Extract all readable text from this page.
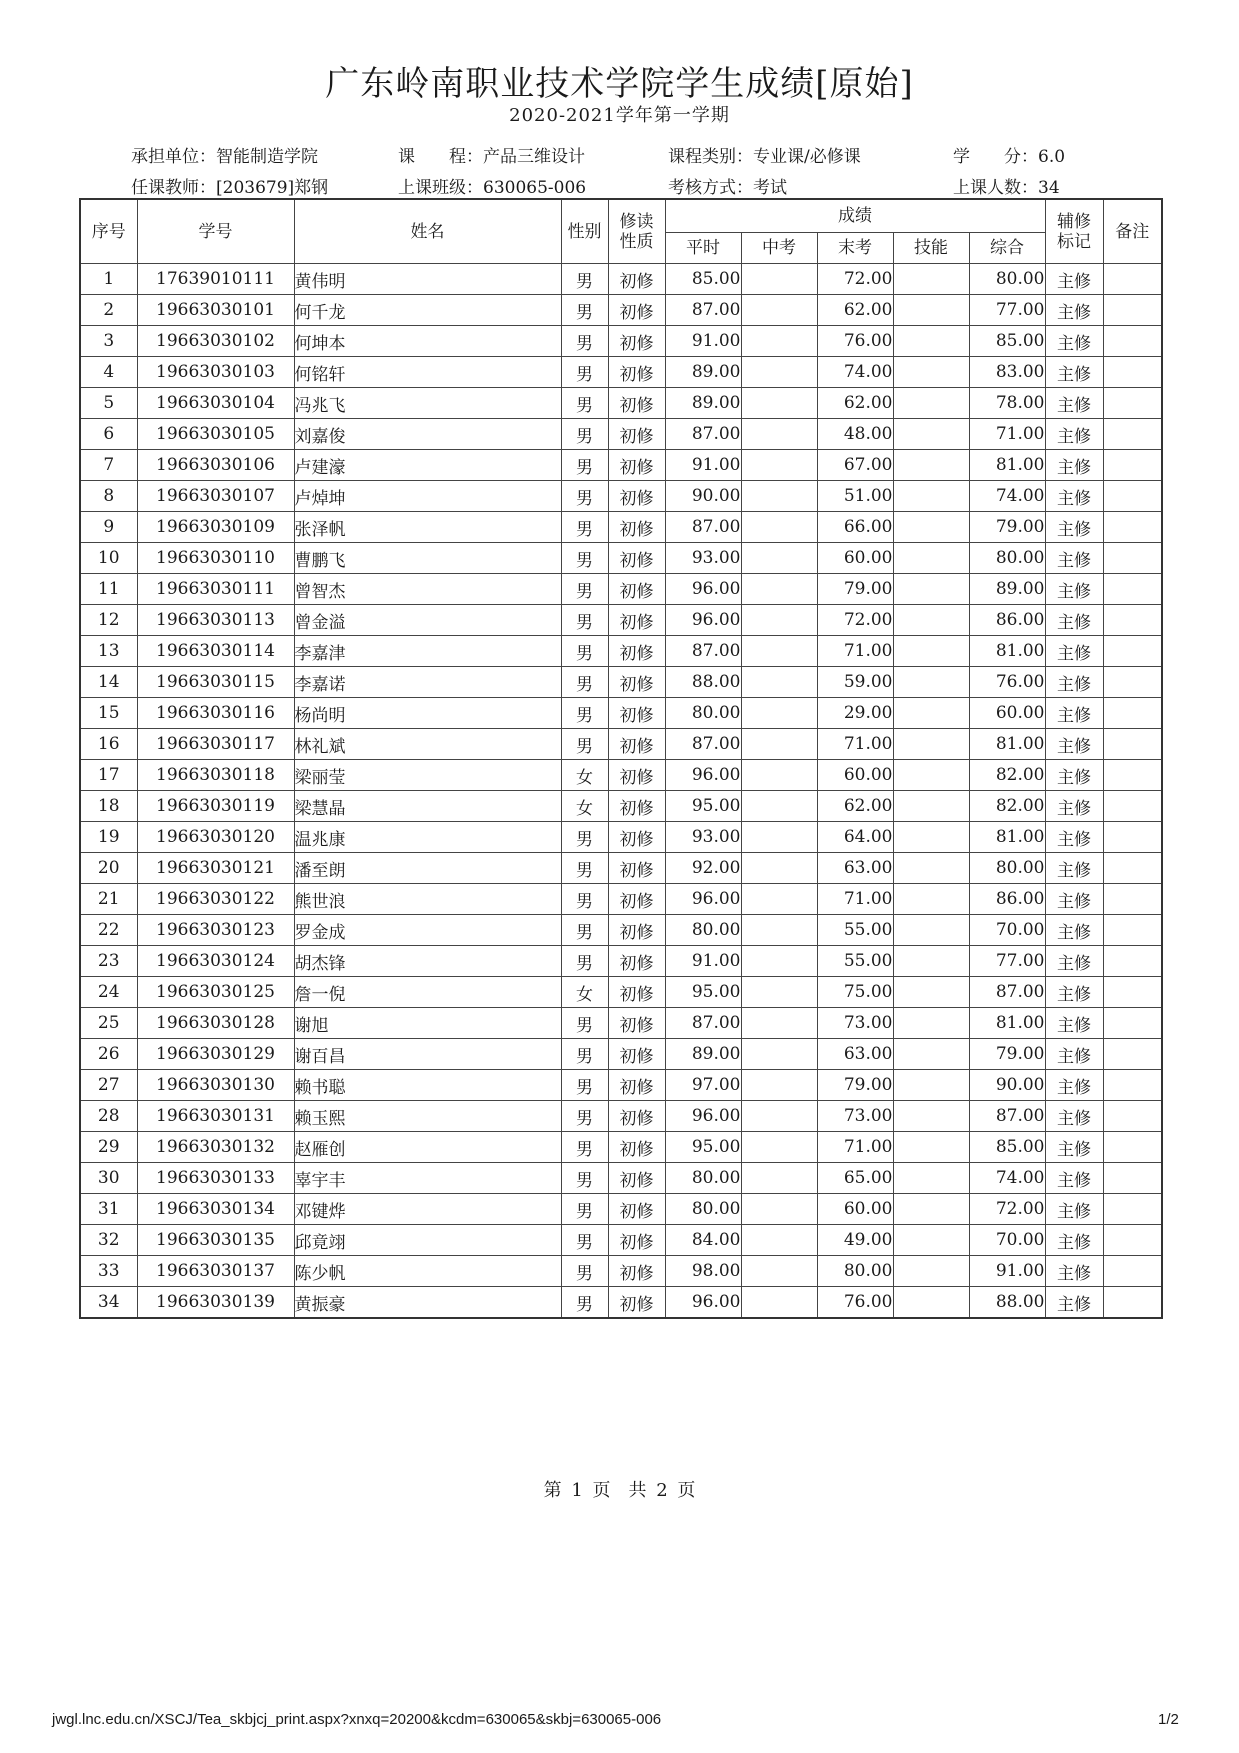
广东岭南职业技术学院学生成绩[原始]
2020-2021学年第一学期
承担单位：智能制造学院	课　　程：产品三维设计	课程类别：专业课/必修课	学　　分：6.0
任课教师：[203679]郑钢	上课班级：630065-006	考核方式：考试	上课人数：34
序号	学号	姓名	性别	修读
性质	成绩					辅修
标记	备注
					平时	中考	末考	技能	综合		
1	17639010111	黄伟明	男	初修	85.00		72.00		80.00	主修	
2	19663030101	何千龙	男	初修	87.00		62.00		77.00	主修	
3	19663030102	何坤本	男	初修	91.00		76.00		85.00	主修	
4	19663030103	何铭轩	男	初修	89.00		74.00		83.00	主修	
5	19663030104	冯兆飞	男	初修	89.00		62.00		78.00	主修	
6	19663030105	刘嘉俊	男	初修	87.00		48.00		71.00	主修	
7	19663030106	卢建濠	男	初修	91.00		67.00		81.00	主修	
8	19663030107	卢焯坤	男	初修	90.00		51.00		74.00	主修	
9	19663030109	张泽帆	男	初修	87.00		66.00		79.00	主修	
10	19663030110	曹鹏飞	男	初修	93.00		60.00		80.00	主修	
11	19663030111	曾智杰	男	初修	96.00		79.00		89.00	主修	
12	19663030113	曾金溢	男	初修	96.00		72.00		86.00	主修	
13	19663030114	李嘉津	男	初修	87.00		71.00		81.00	主修	
14	19663030115	李嘉诺	男	初修	88.00		59.00		76.00	主修	
15	19663030116	杨尚明	男	初修	80.00		29.00		60.00	主修	
16	19663030117	林礼斌	男	初修	87.00		71.00		81.00	主修	
17	19663030118	梁丽莹	女	初修	96.00		60.00		82.00	主修	
18	19663030119	梁慧晶	女	初修	95.00		62.00		82.00	主修	
19	19663030120	温兆康	男	初修	93.00		64.00		81.00	主修	
20	19663030121	潘至朗	男	初修	92.00		63.00		80.00	主修	
21	19663030122	熊世浪	男	初修	96.00		71.00		86.00	主修	
22	19663030123	罗金成	男	初修	80.00		55.00		70.00	主修	
23	19663030124	胡杰锋	男	初修	91.00		55.00		77.00	主修	
24	19663030125	詹一倪	女	初修	95.00		75.00		87.00	主修	
25	19663030128	谢旭	男	初修	87.00		73.00		81.00	主修	
26	19663030129	谢百昌	男	初修	89.00		63.00		79.00	主修	
27	19663030130	赖书聪	男	初修	97.00		79.00		90.00	主修	
28	19663030131	赖玉熙	男	初修	96.00		73.00		87.00	主修	
29	19663030132	赵雁创	男	初修	95.00		71.00		85.00	主修	
30	19663030133	辜宇丰	男	初修	80.00		65.00		74.00	主修	
31	19663030134	邓键烨	男	初修	80.00		60.00		72.00	主修	
32	19663030135	邱竟翊	男	初修	84.00		49.00		70.00	主修	
33	19663030137	陈少帆	男	初修	98.00		80.00		91.00	主修	
34	19663030139	黄振豪	男	初修	96.00		76.00		88.00	主修	
第 1 页　共 2 页
jwgl.lnc.edu.cn/XSCJ/Tea_skbjcj_print.aspx?xnxq=20200&kcdm=630065&skbj=630065-006	1/2
